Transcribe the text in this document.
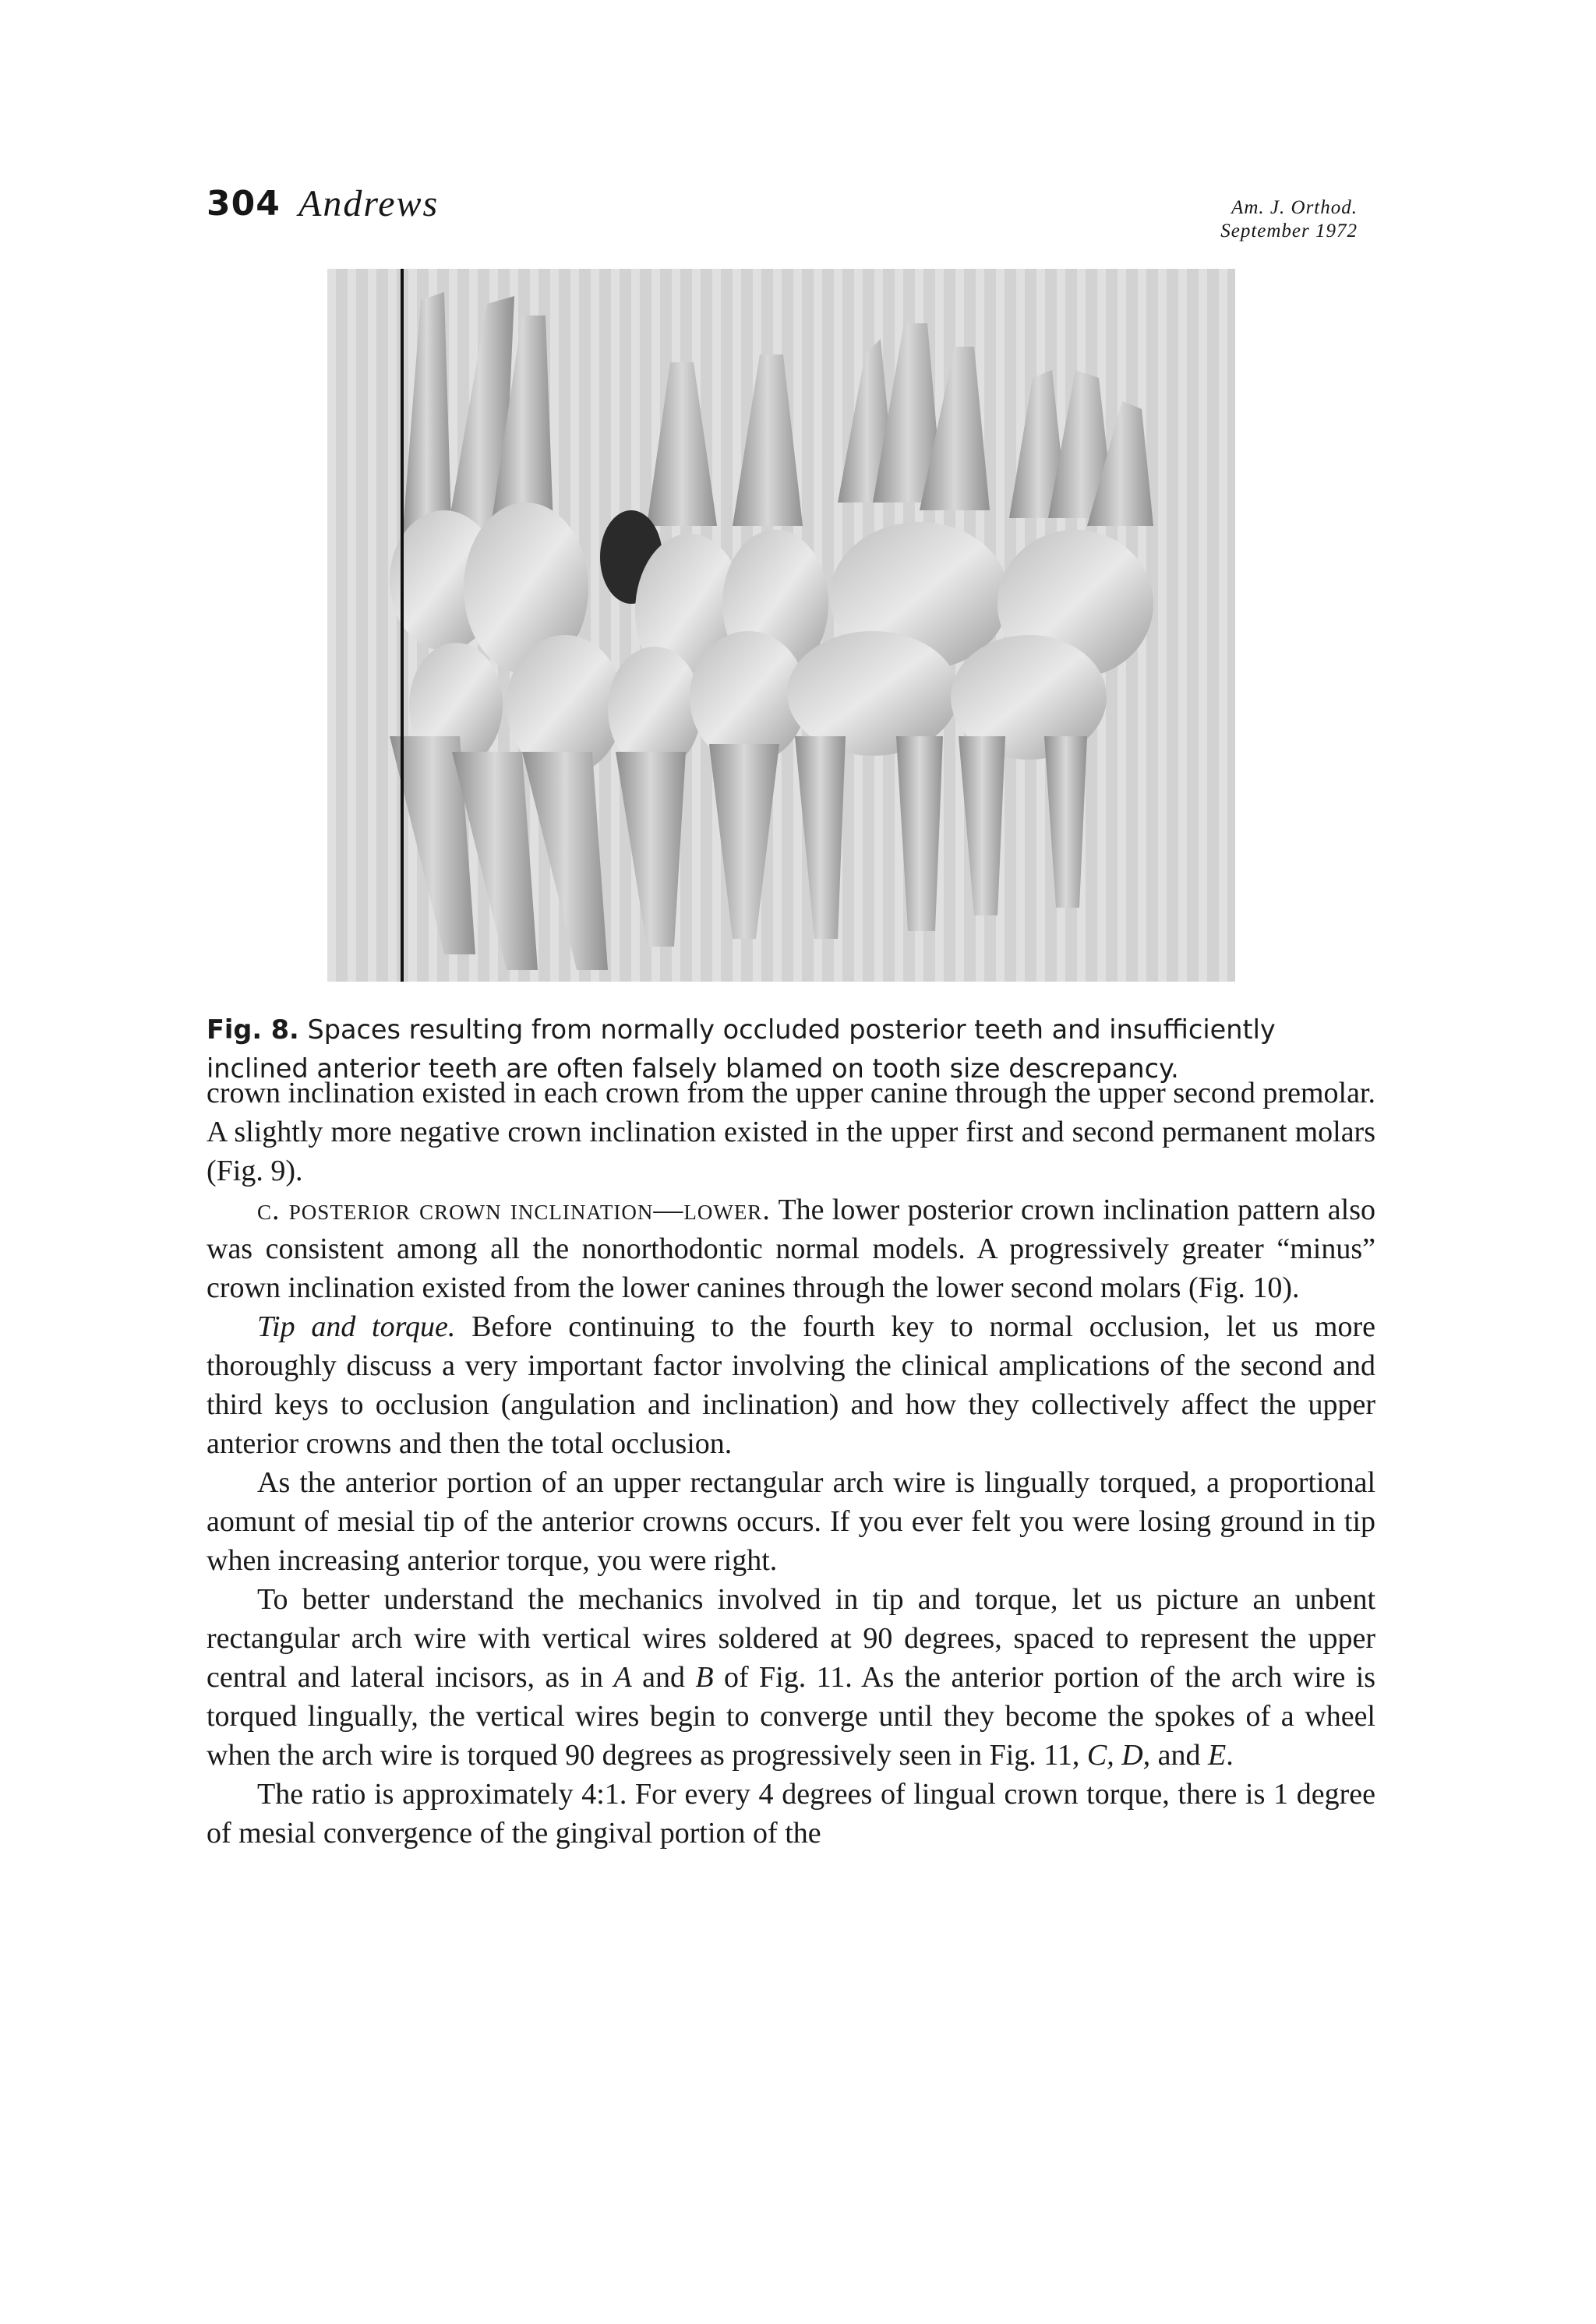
304 Andrews	Am. J. Orthod.
September 1972
Fig. 8. Spaces resulting from normally occluded posterior teeth and insufficiently inclined anterior teeth are often falsely blamed on tooth size descrepancy.

crown inclination existed in each crown from the upper canine through the upper second premolar. A slightly more negative crown inclination existed in the upper first and second permanent molars (Fig. 9).

c. posterior crown inclination—lower. The lower posterior crown inclination pattern also was consistent among all the nonorthodontic normal models. A progressively greater “minus” crown inclination existed from the lower canines through the lower second molars (Fig. 10).

Tip and torque. Before continuing to the fourth key to normal occlusion, let us more thoroughly discuss a very important factor involving the clinical amplications of the second and third keys to occlusion (angulation and inclination) and how they collectively affect the upper anterior crowns and then the total occlusion.

As the anterior portion of an upper rectangular arch wire is lingually torqued, a proportional aomunt of mesial tip of the anterior crowns occurs. If you ever felt you were losing ground in tip when increasing anterior torque, you were right.

To better understand the mechanics involved in tip and torque, let us picture an unbent rectangular arch wire with vertical wires soldered at 90 degrees, spaced to represent the upper central and lateral incisors, as in A and B of Fig. 11. As the anterior portion of the arch wire is torqued lingually, the vertical wires begin to converge until they become the spokes of a wheel when the arch wire is torqued 90 degrees as progressively seen in Fig. 11, C, D, and E.

The ratio is approximately 4:1. For every 4 degrees of lingual crown torque, there is 1 degree of mesial convergence of the gingival portion of the
